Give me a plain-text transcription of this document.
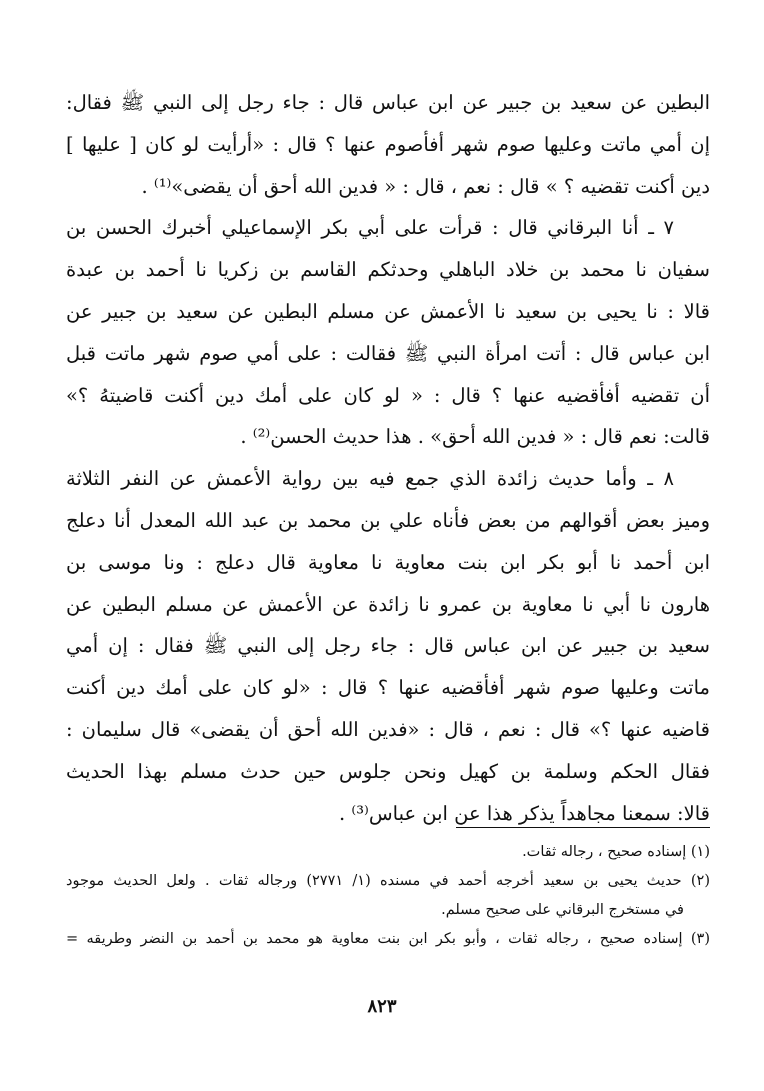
البطين عن سعيد بن جبير عن ابن عباس قال : جاء رجل إلى النبي ﷺ فقال:
إن أمي ماتت وعليها صوم شهر أفأصوم عنها ؟ قال : «أرأيت لو كان [ عليها ]
دين أكنت تقضيه ؟ » قال : نعم ، قال : « فدين الله أحق أن يقضى»⁽¹⁾ .
٧ ـ أنا البرقاني قال : قرأت على أبي بكر الإسماعيلي أخبرك الحسن بن
سفيان نا محمد بن خلاد الباهلي وحدثكم القاسم بن زكريا نا أحمد بن عبدة
قالا : نا يحيى بن سعيد نا الأعمش عن مسلم البطين عن سعيد بن جبير عن
ابن عباس قال : أتت امرأة النبي ﷺ فقالت : على أمي صوم شهر ماتت قبل
أن تقضيه أفأقضيه عنها ؟ قال : « لو كان على أمك دين أكنت قاضيتهُ ؟»
قالت: نعم قال : « فدين الله أحق» . هذا حديث الحسن⁽²⁾ .
٨ ـ وأما حديث زائدة الذي جمع فيه بين رواية الأعمش عن النفر الثلاثة
وميز بعض أقوالهم من بعض فأناه علي بن محمد بن عبد الله المعدل أنا دعلج
ابن أحمد نا أبو بكر ابن بنت معاوية نا معاوية قال دعلج : ونا موسى بن
هارون نا أبي نا معاوية بن عمرو نا زائدة عن الأعمش عن مسلم البطين عن
سعيد بن جبير عن ابن عباس قال : جاء رجل إلى النبي ﷺ فقال : إن أمي
ماتت وعليها صوم شهر أفأقضيه عنها ؟ قال : «لو كان على أمك دين أكنت
قاضيه عنها ؟» قال : نعم ، قال : «فدين الله أحق أن يقضى» قال سليمان :
فقال الحكم وسلمة بن كهيل ونحن جلوس حين حدث مسلم بهذا الحديث
قالا: سمعنا مجاهداً يذكر هذا عن ابن عباس⁽³⁾ .
(١) إسناده صحيح ، رجاله ثقات.
(٢) حديث يحيى بن سعيد أخرجه أحمد في مسنده (١/ ٢٧٧١) ورجاله ثقات . ولعل الحديث موجود
في مستخرج البرقاني على صحيح مسلم.
(٣) إسناده صحيح ، رجاله ثقات ، وأبو بكر ابن بنت معاوية هو محمد بن أحمد بن النضر وطريقه =
٨٢٣
